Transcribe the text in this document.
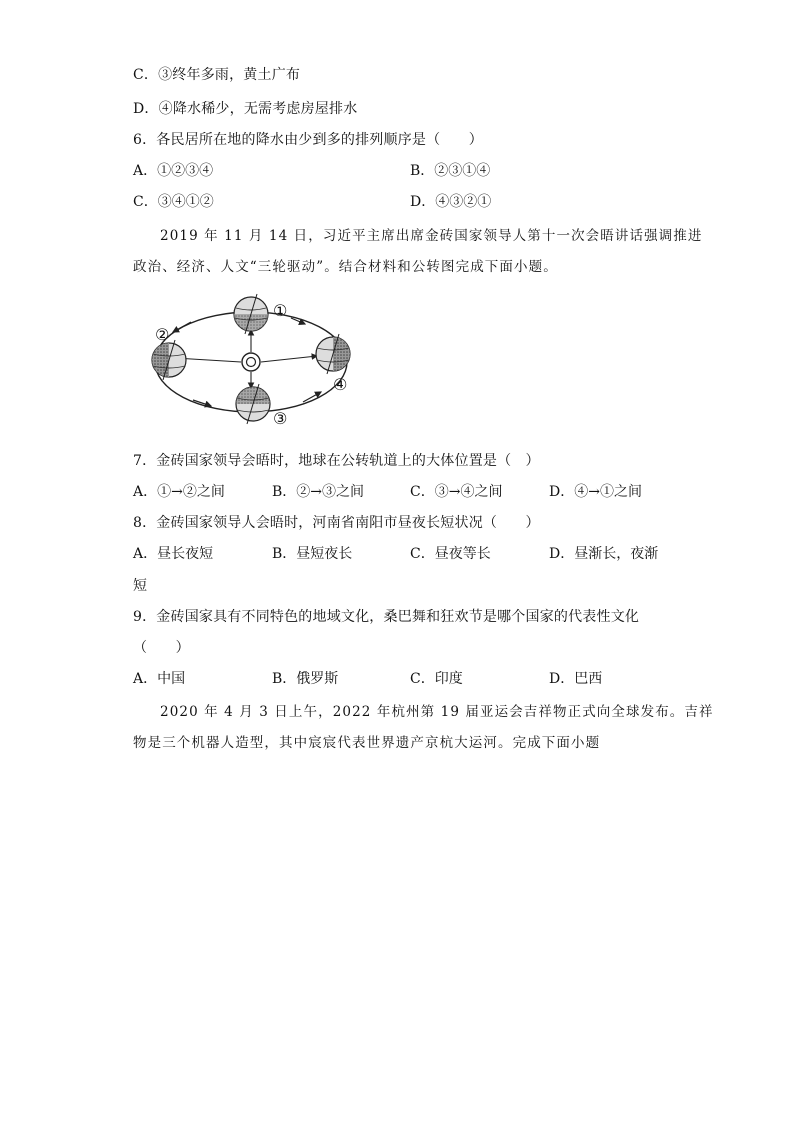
C．③终年多雨，黄土广布
D．④降水稀少，无需考虑房屋排水
6．各民居所在地的降水由少到多的排列顺序是（　　）
A．①②③④	B．②③①④
C．③④①②	D．④③②①
2019 年 11 月 14 日，习近平主席出席金砖国家领导人第十一次会晤讲话强调推进
政治、经济、人文“三轮驱动”。结合材料和公转图完成下面小题。
①
②
③
④
7．金砖国家领导会晤时，地球在公转轨道上的大体位置是（　）
A．①→②之间	B．②→③之间	C．③→④之间	D．④→①之间
8．金砖国家领导人会晤时，河南省南阳市昼夜长短状况（　　）
A．昼长夜短	B．昼短夜长	C．昼夜等长	D．昼渐长，夜渐
短
9．金砖国家具有不同特色的地域文化，桑巴舞和狂欢节是哪个国家的代表性文化
（　　）
A．中国	B．俄罗斯	C．印度	D．巴西
2020 年 4 月 3 日上午，2022 年杭州第 19 届亚运会吉祥物正式向全球发布。吉祥
物是三个机器人造型，其中宸宸代表世界遗产京杭大运河。完成下面小题
